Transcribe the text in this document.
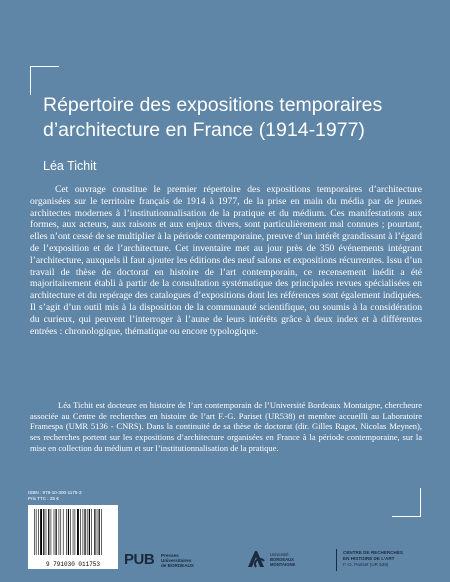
Répertoire des expositions temporaires
d’architecture en France (1914-1977)

Léa Tichit

Cet ouvrage constitue le premier répertoire des expositions temporaires d’architecture organisées sur le territoire français de 1914 à 1977, de la prise en main du média par de jeunes architectes modernes à l’institutionnalisation de la pratique et du médium. Ces manifestations aux formes, aux acteurs, aux raisons et aux enjeux divers, sont particulièrement mal connues ; pourtant, elles n’ont cessé de se multiplier à la période contemporaine, preuve d’un intérêt grandissant à l’égard de l’exposition et de l’architecture. Cet inventaire met au jour près de 350 événements intégrant l’architecture, auxquels il faut ajouter les éditions des neuf salons et expositions récurrentes. Issu d’un travail de thèse de doctorat en histoire de l’art contemporain, ce recensement inédit a été majoritairement établi à partir de la consultation systématique des principales revues spécialisées en architecture et du repérage des catalogues d’expositions dont les références sont également indiquées. Il s’agit d’un outil mis à la disposition de la communauté scientifique, ou soumis à la considération du curieux, qui peuvent l’interroger à l’aune de leurs intérêts grâce à deux index et à différentes entrées : chronologique, thématique ou encore typologique.

Léa Tichit est docteure en histoire de l’art contemporain de l’Université Bordeaux Montaigne, chercheure associée au Centre de recherches en histoire de l’art F.-G. Pariset (UR538) et membre accueilli au Laboratoire Framespa (UMR 5136 - CNRS). Dans la continuité de sa thèse de doctorat (dir. Gilles Ragot, Nicolas Meynen), ses recherches portent sur les expositions d’architecture organisées en France à la période contemporaine, sur la mise en collection du médium et sur l’institutionnalisation de la pratique.

ISBN : 979-10-300-1175-3
Prix TTC : 25 €
9 791030 011753	PUB Presses
Universitaires
de BORDEAUX
Université
BORDEAUX
MONTAIGNE
CENTRE DE RECHERCHES
EN HISTOIRE DE L’ART
F.-G. Pariset (UR 538)
